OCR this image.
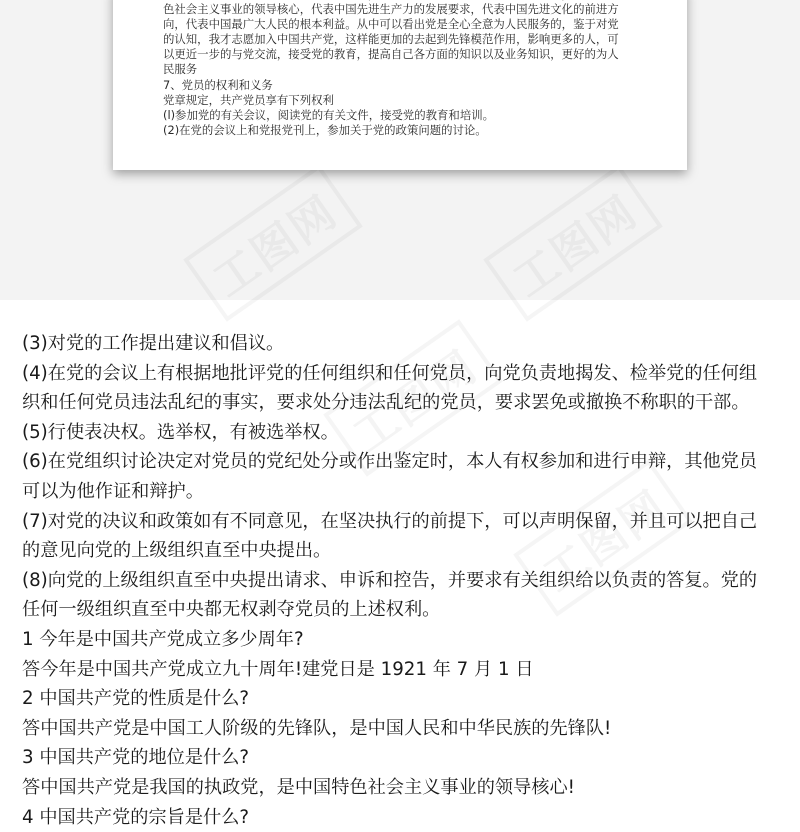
工图网	工图网
工图网
工图网
色社会主义事业的领导核心，代表中国先进生产力的发展要求，代表中国先进文化的前进方
向，代表中国最广大人民的根本利益。从中可以看出党是全心全意为人民服务的，鉴于对党
的认知，我才志愿加入中国共产党，这样能更加的去起到先锋模范作用，影响更多的人，可
以更近一步的与党交流，接受党的教育，提高自己各方面的知识以及业务知识，更好的为人
民服务
7、党员的权利和义务
党章规定，共产党员享有下列权利
(l)参加党的有关会议，阅读党的有关文件，接受党的教育和培训。
(2)在党的会议上和党报党刊上，参加关于党的政策问题的讨论。
(3)对党的工作提出建议和倡议。
(4)在党的会议上有根据地批评党的任何组织和任何党员，向党负责地揭发、检举党的任何组
织和任何党员违法乱纪的事实，要求处分违法乱纪的党员，要求罢免或撤换不称职的干部。
(5)行使表决权。选举权，有被选举权。
(6)在党组织讨论决定对党员的党纪处分或作出鉴定时，本人有权参加和进行申辩，其他党员
可以为他作证和辩护。
(7)对党的决议和政策如有不同意见，在坚决执行的前提下，可以声明保留，并且可以把自己
的意见向党的上级组织直至中央提出。
(8)向党的上级组织直至中央提出请求、申诉和控告，并要求有关组织给以负责的答复。党的
任何一级组织直至中央都无权剥夺党员的上述权利。
1 今年是中国共产党成立多少周年?
答今年是中国共产党成立九十周年!建党日是 1921 年 7 月 1 日
2 中国共产党的性质是什么?
答中国共产党是中国工人阶级的先锋队，是中国人民和中华民族的先锋队!
3 中国共产党的地位是什么?
答中国共产党是我国的执政党，是中国特色社会主义事业的领导核心!
4 中国共产党的宗旨是什么?
